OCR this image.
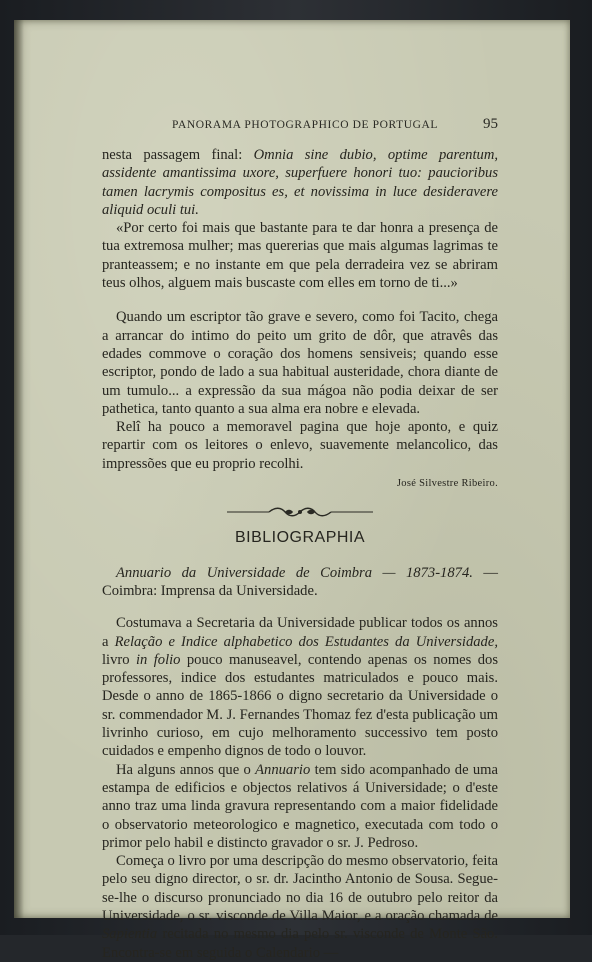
PANORAMA PHOTOGRAPHICO DE PORTUGAL	95

nesta passagem final: Omnia sine dubio, optime parentum, assidente amantissima uxore, superfuere honori tuo: paucioribus tamen lacrymis compositus es, et novissima in luce desideravere aliquid oculi tui.

«Por certo foi mais que bastante para te dar honra a presença de tua extremosa mulher; mas quererias que mais algumas lagrimas te pranteassem; e no instante em que pela derradeira vez se abriram teus olhos, alguem mais buscaste com elles em torno de ti...»

Quando um escriptor tão grave e severo, como foi Tacito, chega a arrancar do intimo do peito um grito de dôr, que atravês das edades commove o coração dos homens sensiveis; quando esse escriptor, pondo de lado a sua habitual austeridade, chora diante de um tumulo... a expressão da sua mágoa não podia deixar de ser pathetica, tanto quanto a sua alma era nobre e elevada.

Relî ha pouco a memoravel pagina que hoje aponto, e quiz repartir com os leitores o enlevo, suavemente melancolico, das impressões que eu proprio recolhi.

José Silvestre Ribeiro.

BIBLIOGRAPHIA

Annuario da Universidade de Coimbra — 1873-1874. — Coimbra: Imprensa da Universidade.

Costumava a Secretaria da Universidade publicar todos os annos a Relação e Indice alphabetico dos Estudantes da Universidade, livro in folio pouco manuseavel, contendo apenas os nomes dos professores, indice dos estudantes matriculados e pouco mais. Desde o anno de 1865-1866 o digno secretario da Universidade o sr. commendador M. J. Fernandes Thomaz fez d'esta publicação um livrinho curioso, em cujo melhoramento successivo tem posto cuidados e empenho dignos de todo o louvor.

Ha alguns annos que o Annuario tem sido acompanhado de uma estampa de edificios e objectos relativos á Universidade; o d'este anno traz uma linda gravura representando com a maior fidelidade o observatorio meteorologico e magnetico, executada com todo o primor pelo habil e distincto gravador o sr. J. Pedroso.

Começa o livro por uma descripção do mesmo observatorio, feita pelo seu digno director, o sr. dr. Jacintho Antonio de Sousa. Segue-se-lhe o discurso pronunciado no dia 16 de outubro pelo reitor da Universidade, o sr. visconde de Villa Maior, e a oração chamada de Sapientia recitada no mesmo dia pelo sr. visconde de Monte São. Encontra-se em seguida o Calendario —
